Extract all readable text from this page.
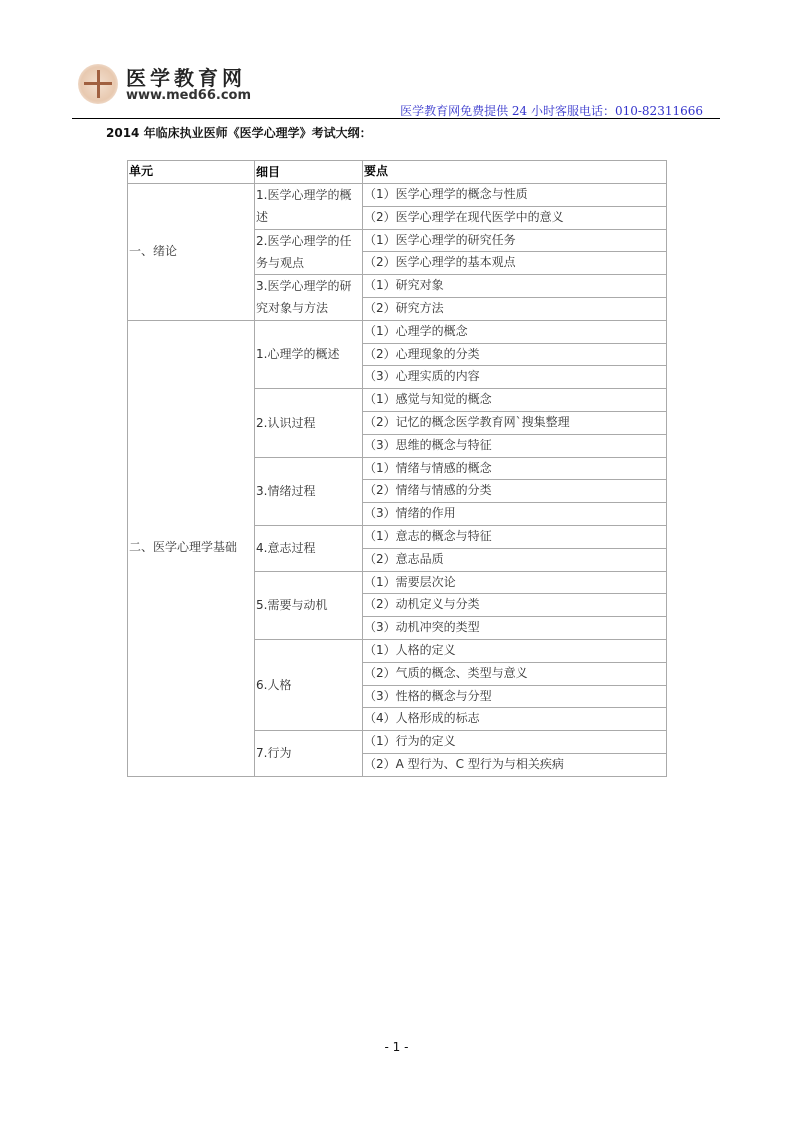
医学教育网
www.med66.com
医学教育网免费提供 24 小时客服电话：010-82311666
2014 年临床执业医师《医学心理学》考试大纲：
单元	细目	要点
一、绪论	1.医学心理学的概述	（1）医学心理学的概念与性质
		（2）医学心理学在现代医学中的意义
	2.医学心理学的任务与观点	（1）医学心理学的研究任务
		（2）医学心理学的基本观点
	3.医学心理学的研究对象与方法	（1）研究对象
		（2）研究方法
二、医学心理学基础	1.心理学的概述	（1）心理学的概念
		（2）心理现象的分类
		（3）心理实质的内容
	2.认识过程	（1）感觉与知觉的概念
		（2）记忆的概念医学教育网`搜集整理
		（3）思维的概念与特征
	3.情绪过程	（1）情绪与情感的概念
		（2）情绪与情感的分类
		（3）情绪的作用
	4.意志过程	（1）意志的概念与特征
		（2）意志品质
	5.需要与动机	（1）需要层次论
		（2）动机定义与分类
		（3）动机冲突的类型
	6.人格	（1）人格的定义
		（2）气质的概念、类型与意义
		（3）性格的概念与分型
		（4）人格形成的标志
	7.行为	（1）行为的定义
		（2）A 型行为、C 型行为与相关疾病
- 1 -
